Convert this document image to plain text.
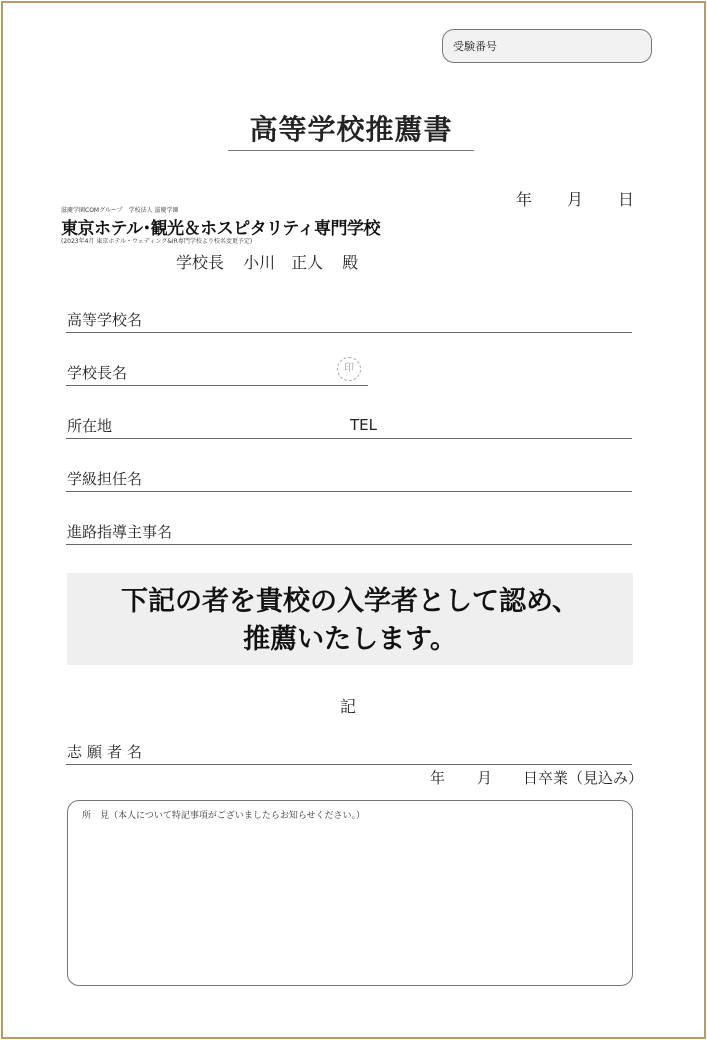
受験番号
高等学校推薦書
年 月 日
滋慶学園COMグループ　学校法人 滋慶学園
東京ホテル･観光＆ホスピタリティ専門学校
(2023年4月 東京ホテル・ウェディング&IR専門学校より校名変更予定)
学校長 小川　正人 殿
高等学校名
学校長名	印
所在地	TEL
学級担任名
進路指導主事名
下記の者を貴校の入学者として認め、
推薦いたします。
記
志願者名
年 月 日卒業（見込み）
所　見（本人について特記事項がございましたらお知らせください。）
